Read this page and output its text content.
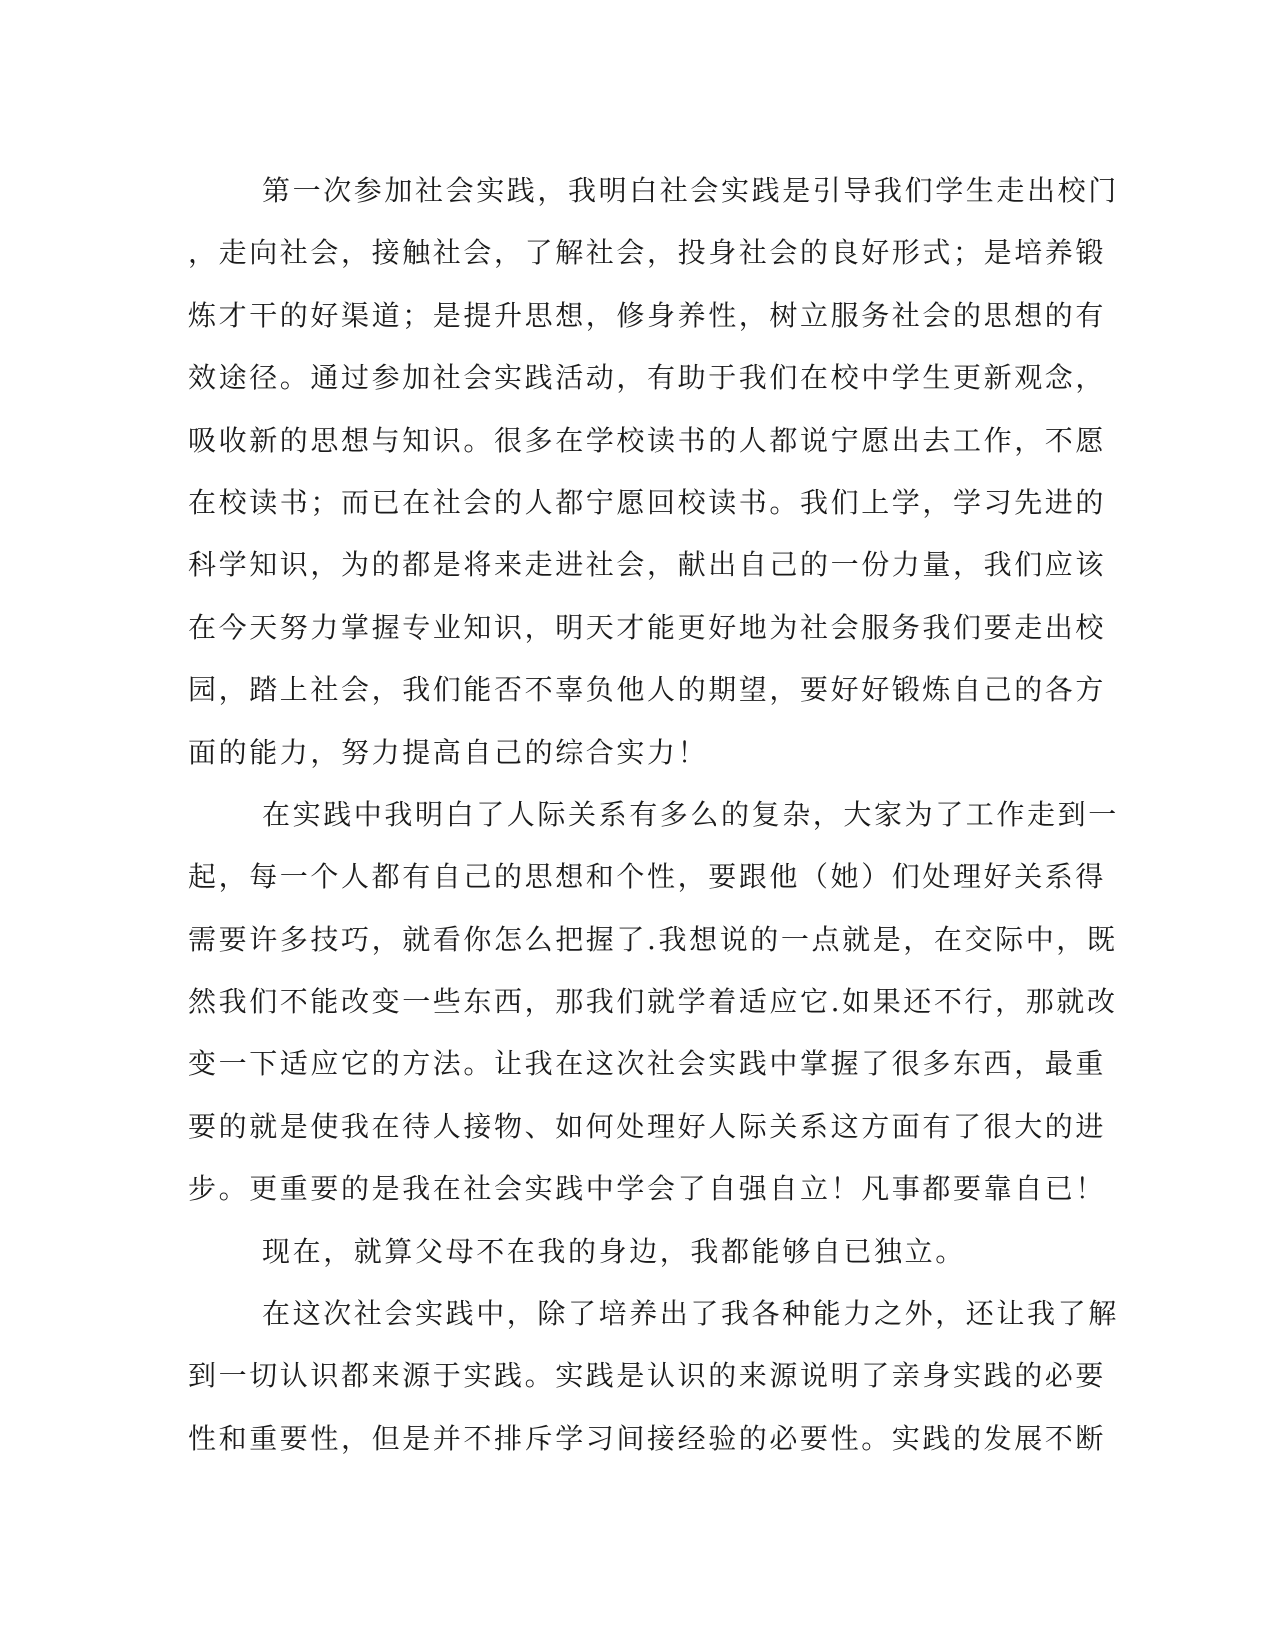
第一次参加社会实践，我明白社会实践是引导我们学生走出校门
，走向社会，接触社会，了解社会，投身社会的良好形式；是培养锻
炼才干的好渠道；是提升思想，修身养性，树立服务社会的思想的有
效途径。通过参加社会实践活动，有助于我们在校中学生更新观念，
吸收新的思想与知识。很多在学校读书的人都说宁愿出去工作，不愿
在校读书；而已在社会的人都宁愿回校读书。我们上学，学习先进的
科学知识，为的都是将来走进社会，献出自己的一份力量，我们应该
在今天努力掌握专业知识，明天才能更好地为社会服务我们要走出校
园，踏上社会，我们能否不辜负他人的期望，要好好锻炼自己的各方
面的能力，努力提高自己的综合实力！
在实践中我明白了人际关系有多么的复杂，大家为了工作走到一
起，每一个人都有自己的思想和个性，要跟他（她）们处理好关系得
需要许多技巧，就看你怎么把握了.我想说的一点就是，在交际中，既
然我们不能改变一些东西，那我们就学着适应它.如果还不行，那就改
变一下适应它的方法。让我在这次社会实践中掌握了很多东西，最重
要的就是使我在待人接物、如何处理好人际关系这方面有了很大的进
步。更重要的是我在社会实践中学会了自强自立！凡事都要靠自已！
现在，就算父母不在我的身边，我都能够自已独立。
在这次社会实践中，除了培养出了我各种能力之外，还让我了解
到一切认识都来源于实践。实践是认识的来源说明了亲身实践的必要
性和重要性，但是并不排斥学习间接经验的必要性。实践的发展不断
